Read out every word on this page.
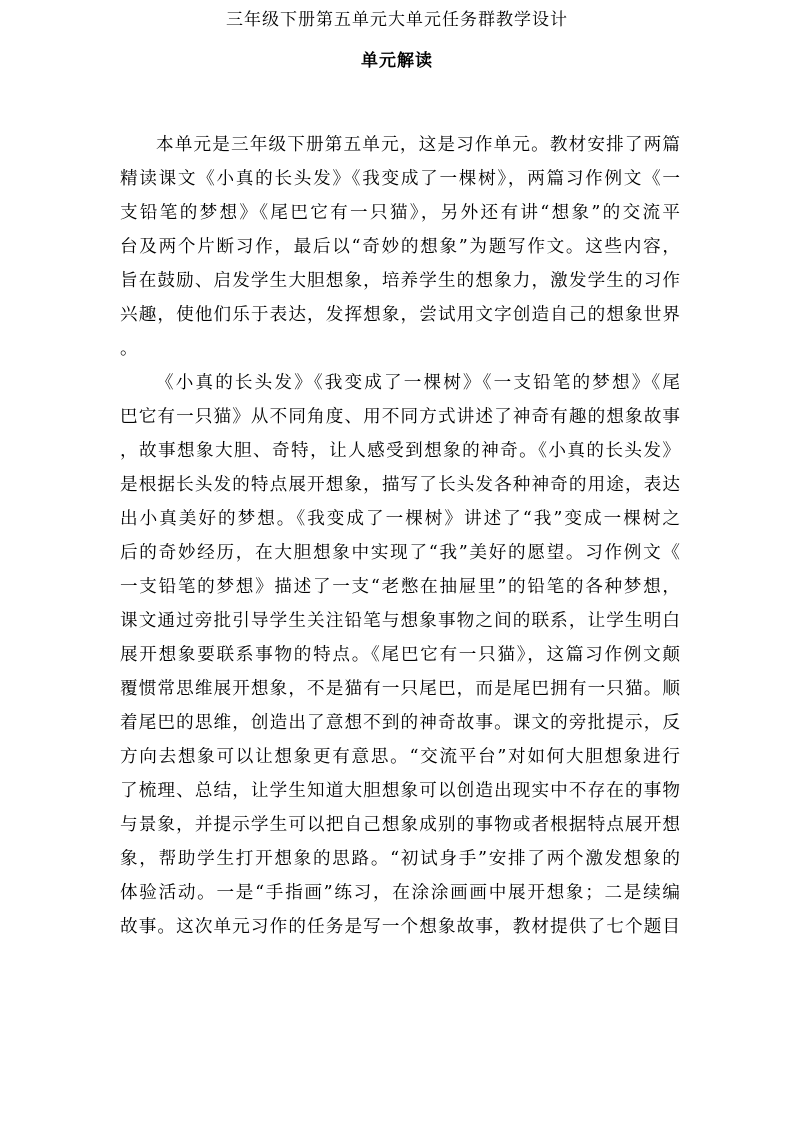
三年级下册第五单元大单元任务群教学设计
单元解读
本单元是三年级下册第五单元，这是习作单元。教材安排了两篇
精读课文《小真的长头发》《我变成了一棵树》，两篇习作例文《一
支铅笔的梦想》《尾巴它有一只猫》，另外还有讲“想象”的交流平
台及两个片断习作，最后以“奇妙的想象”为题写作文。这些内容，
旨在鼓励、启发学生大胆想象，培养学生的想象力，激发学生的习作
兴趣，使他们乐于表达，发挥想象，尝试用文字创造自己的想象世界
。
《小真的长头发》《我变成了一棵树》《一支铅笔的梦想》《尾
巴它有一只猫》从不同角度、用不同方式讲述了神奇有趣的想象故事
，故事想象大胆、奇特，让人感受到想象的神奇。《小真的长头发》
是根据长头发的特点展开想象，描写了长头发各种神奇的用途，表达
出小真美好的梦想。《我变成了一棵树》讲述了“我”变成一棵树之
后的奇妙经历，在大胆想象中实现了“我”美好的愿望。习作例文《
一支铅笔的梦想》描述了一支“老憋在抽屉里”的铅笔的各种梦想，
课文通过旁批引导学生关注铅笔与想象事物之间的联系，让学生明白
展开想象要联系事物的特点。《尾巴它有一只猫》，这篇习作例文颠
覆惯常思维展开想象，不是猫有一只尾巴，而是尾巴拥有一只猫。顺
着尾巴的思维，创造出了意想不到的神奇故事。课文的旁批提示，反
方向去想象可以让想象更有意思。“交流平台”对如何大胆想象进行
了梳理、总结，让学生知道大胆想象可以创造出现实中不存在的事物
与景象，并提示学生可以把自己想象成别的事物或者根据特点展开想
象，帮助学生打开想象的思路。“初试身手”安排了两个激发想象的
体验活动。一是“手指画”练习，在涂涂画画中展开想象；二是续编
故事。这次单元习作的任务是写一个想象故事，教材提供了七个题目
